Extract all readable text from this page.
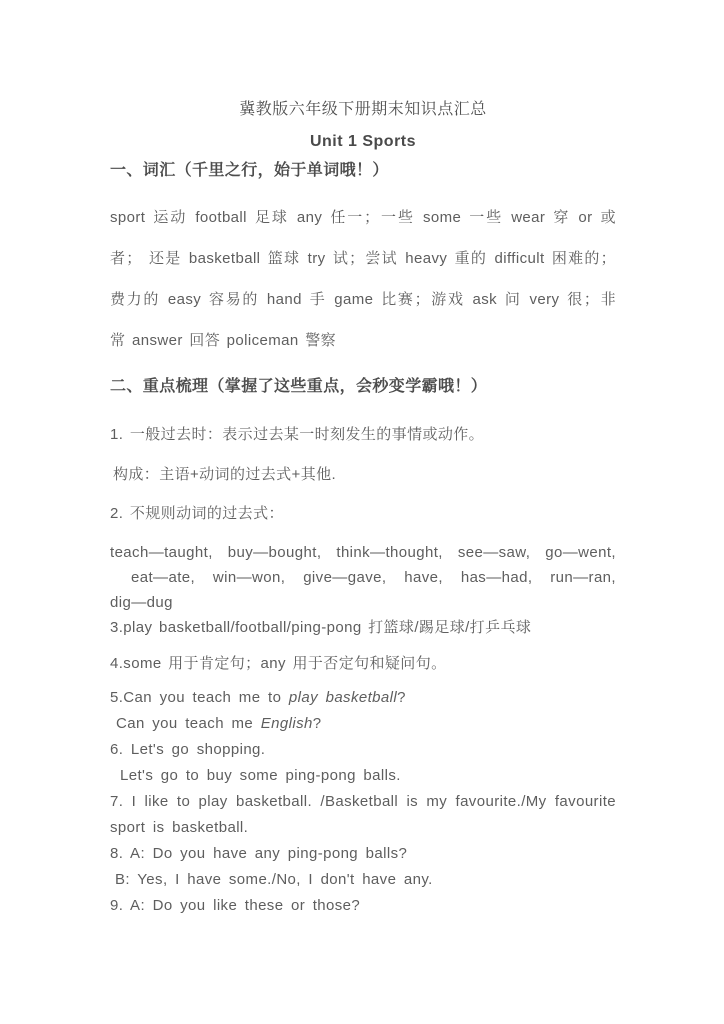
冀教版六年级下册期末知识点汇总
Unit 1 Sports
一、词汇（千里之行，始于单词哦！）
sport 运动 football 足球 any 任一；一些 some 一些 wear 穿 or 或
者； 还是 basketball 篮球 try 试；尝试 heavy 重的 difficult 困难的；
费力的 easy 容易的 hand 手 game 比赛；游戏 ask 问 very 很；非
常 answer 回答 policeman 警察
二、重点梳理（掌握了这些重点，会秒变学霸哦！）
1. 一般过去时：表示过去某一时刻发生的事情或动作。
构成：主语+动词的过去式+其他.
2. 不规则动词的过去式：
teach—taught, buy—bought, think—thought, see—saw, go—went,
eat—ate, win—won, give—gave, have, has—had, run—ran,
dig—dug
3.play basketball/football/ping-pong 打篮球/踢足球/打乒乓球
4.some 用于肯定句；any 用于否定句和疑问句。
5.Can you teach me to play basketball?
Can you teach me English?
6. Let's go shopping.
Let's go to buy some ping-pong balls.
7. I like to play basketball. /Basketball is my favourite./My favourite
sport is basketball.
8. A: Do you have any ping-pong balls?
B: Yes, I have some./No, I don't have any.
9. A: Do you like these or those?
